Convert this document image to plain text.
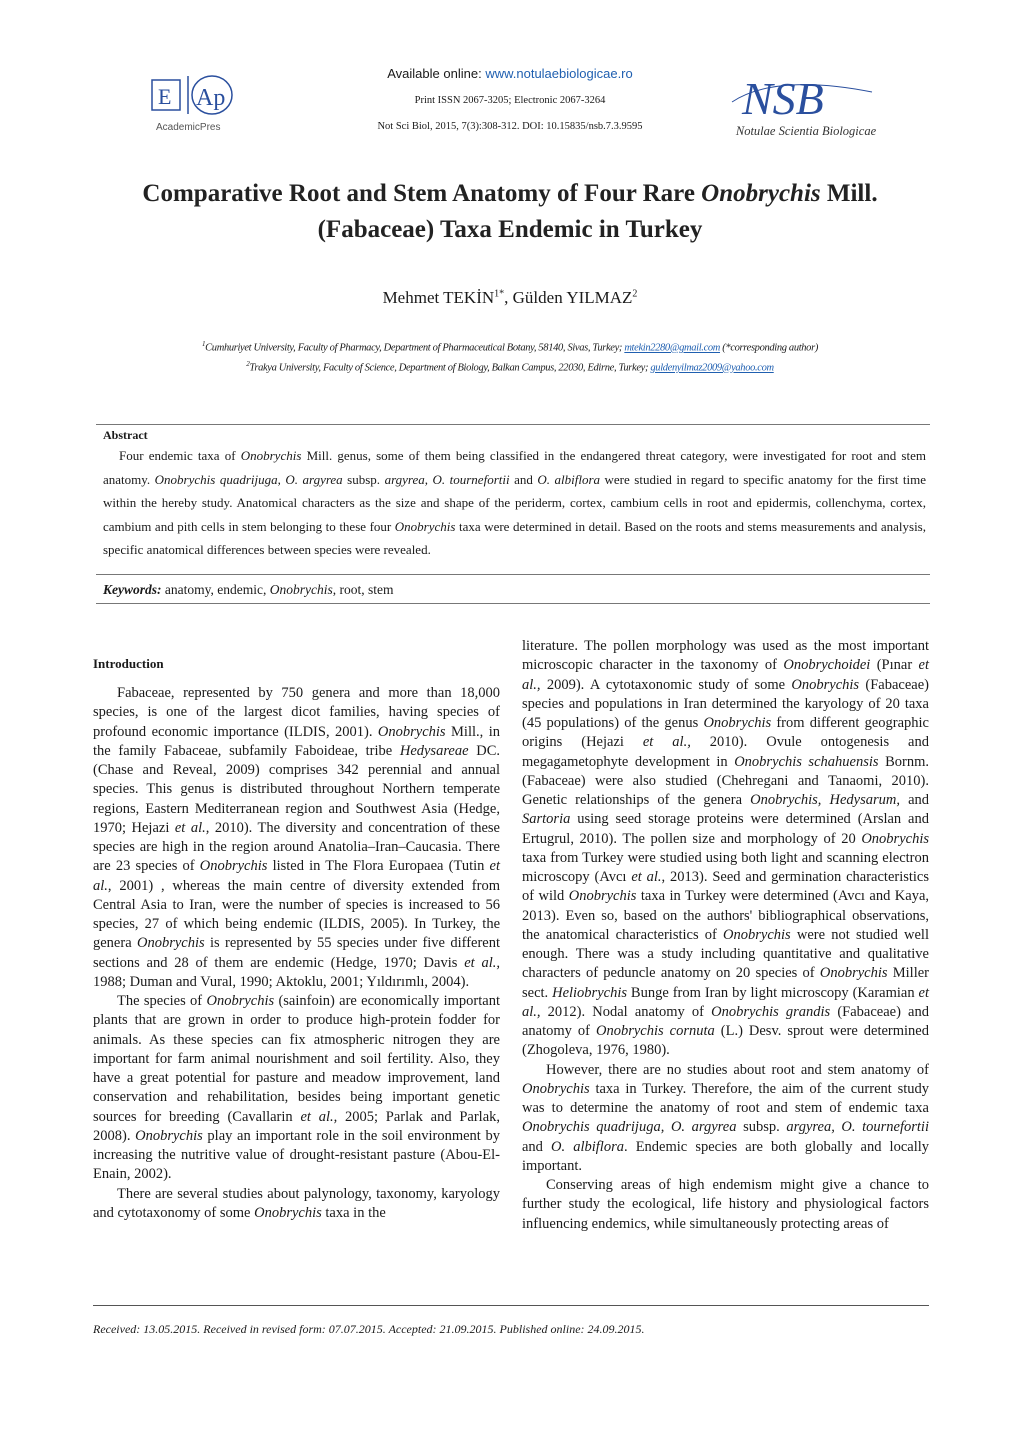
E Ap
AcademicPres
NSB
Notulae Scientia Biologicae
Available online: www.notulaebiologicae.ro
Print ISSN 2067-3205; Electronic 2067-3264
Not Sci Biol, 2015, 7(3):308-312. DOI: 10.15835/nsb.7.3.9595
Comparative Root and Stem Anatomy of Four Rare Onobrychis Mill.
(Fabaceae) Taxa Endemic in Turkey
Mehmet $TEKİN^{1*}$, Gülden YILMAZ$^2$
$^1$Cumhuriyet University, Faculty of Pharmacy, Department of Pharmaceutical Botany, 58140, Sivas, Turkey; mtekin2280@gmail.com (*corresponding author)
$^2$Trakya University, Faculty of Science, Department of Biology, Balkan Campus, 22030, Edirne, Turkey; guldenyilmaz2009@yahoo.com
Abstract
Four endemic taxa of Onobrychis Mill. genus, some of them being classified in the endangered threat category, were investigated for root and stem anatomy. Onobrychis quadrijuga, O. argyrea subsp. argyrea, O. tournefortii and O. albiflora were studied in regard to specific anatomy for the first time within the hereby study. Anatomical characters as the size and shape of the periderm, cortex, cambium cells in root and epidermis, collenchyma, cortex, cambium and pith cells in stem belonging to these four Onobrychis taxa were determined in detail. Based on the roots and stems measurements and analysis, specific anatomical differences between species were revealed.
Keywords: anatomy, endemic, Onobrychis, root, stem
Introduction

Fabaceae, represented by 750 genera and more than 18,000 species, is one of the largest dicot families, having species of profound economic importance (ILDIS, 2001). Onobrychis Mill., in the family Fabaceae, subfamily Faboideae, tribe Hedysareae DC. (Chase and Reveal, 2009) comprises 342 perennial and annual species. This genus is distributed throughout Northern temperate regions, Eastern Mediterranean region and Southwest Asia (Hedge, 1970; Hejazi et al., 2010). The diversity and concentration of these species are high in the region around Anatolia–Iran–Caucasia. There are 23 species of Onobrychis listed in The Flora Europaea (Tutin et al., 2001) , whereas the main centre of diversity extended from Central Asia to Iran, were the number of species is increased to 56 species, 27 of which being endemic (ILDIS, 2005). In Turkey, the genera Onobrychis is represented by 55 species under five different sections and 28 of them are endemic (Hedge, 1970; Davis et al., 1988; Duman and Vural, 1990; Aktoklu, 2001; Yıldırımlı, 2004).

The species of Onobrychis (sainfoin) are economically important plants that are grown in order to produce high-protein fodder for animals. As these species can fix atmospheric nitrogen they are important for farm animal nourishment and soil fertility. Also, they have a great potential for pasture and meadow improvement, land conservation and rehabilitation, besides being important genetic sources for breeding (Cavallarin et al., 2005; Parlak and Parlak, 2008). Onobrychis play an important role in the soil environment by increasing the nutritive value of drought-resistant pasture (Abou-El-Enain, 2002).

There are several studies about palynology, taxonomy, karyology and cytotaxonomy of some Onobrychis taxa in the

literature. The pollen morphology was used as the most important microscopic character in the taxonomy of Onobrychoidei (Pınar et al., 2009). A cytotaxonomic study of some Onobrychis (Fabaceae) species and populations in Iran determined the karyology of 20 taxa (45 populations) of the genus Onobrychis from different geographic origins (Hejazi et al., 2010). Ovule ontogenesis and megagametophyte development in Onobrychis schahuensis Bornm. (Fabaceae) were also studied (Chehregani and Tanaomi, 2010). Genetic relationships of the genera Onobrychis, Hedysarum, and Sartoria using seed storage proteins were determined (Arslan and Ertugrul, 2010). The pollen size and morphology of 20 Onobrychis taxa from Turkey were studied using both light and scanning electron microscopy (Avcı et al., 2013). Seed and germination characteristics of wild Onobrychis taxa in Turkey were determined (Avcı and Kaya, 2013). Even so, based on the authors' bibliographical observations, the anatomical characteristics of Onobrychis were not studied well enough. There was a study including quantitative and qualitative characters of peduncle anatomy on 20 species of Onobrychis Miller sect. Heliobrychis Bunge from Iran by light microscopy (Karamian et al., 2012). Nodal anatomy of Onobrychis grandis (Fabaceae) and anatomy of Onobrychis cornuta (L.) Desv. sprout were determined (Zhogoleva, 1976, 1980).

However, there are no studies about root and stem anatomy of Onobrychis taxa in Turkey. Therefore, the aim of the current study was to determine the anatomy of root and stem of endemic taxa Onobrychis quadrijuga, O. argyrea subsp. argyrea, O. tournefortii and O. albiflora. Endemic species are both globally and locally important.

Conserving areas of high endemism might give a chance to further study the ecological, life history and physiological factors influencing endemics, while simultaneously protecting areas of

Received: 13.05.2015. Received in revised form: 07.07.2015. Accepted: 21.09.2015. Published online: 24.09.2015.
